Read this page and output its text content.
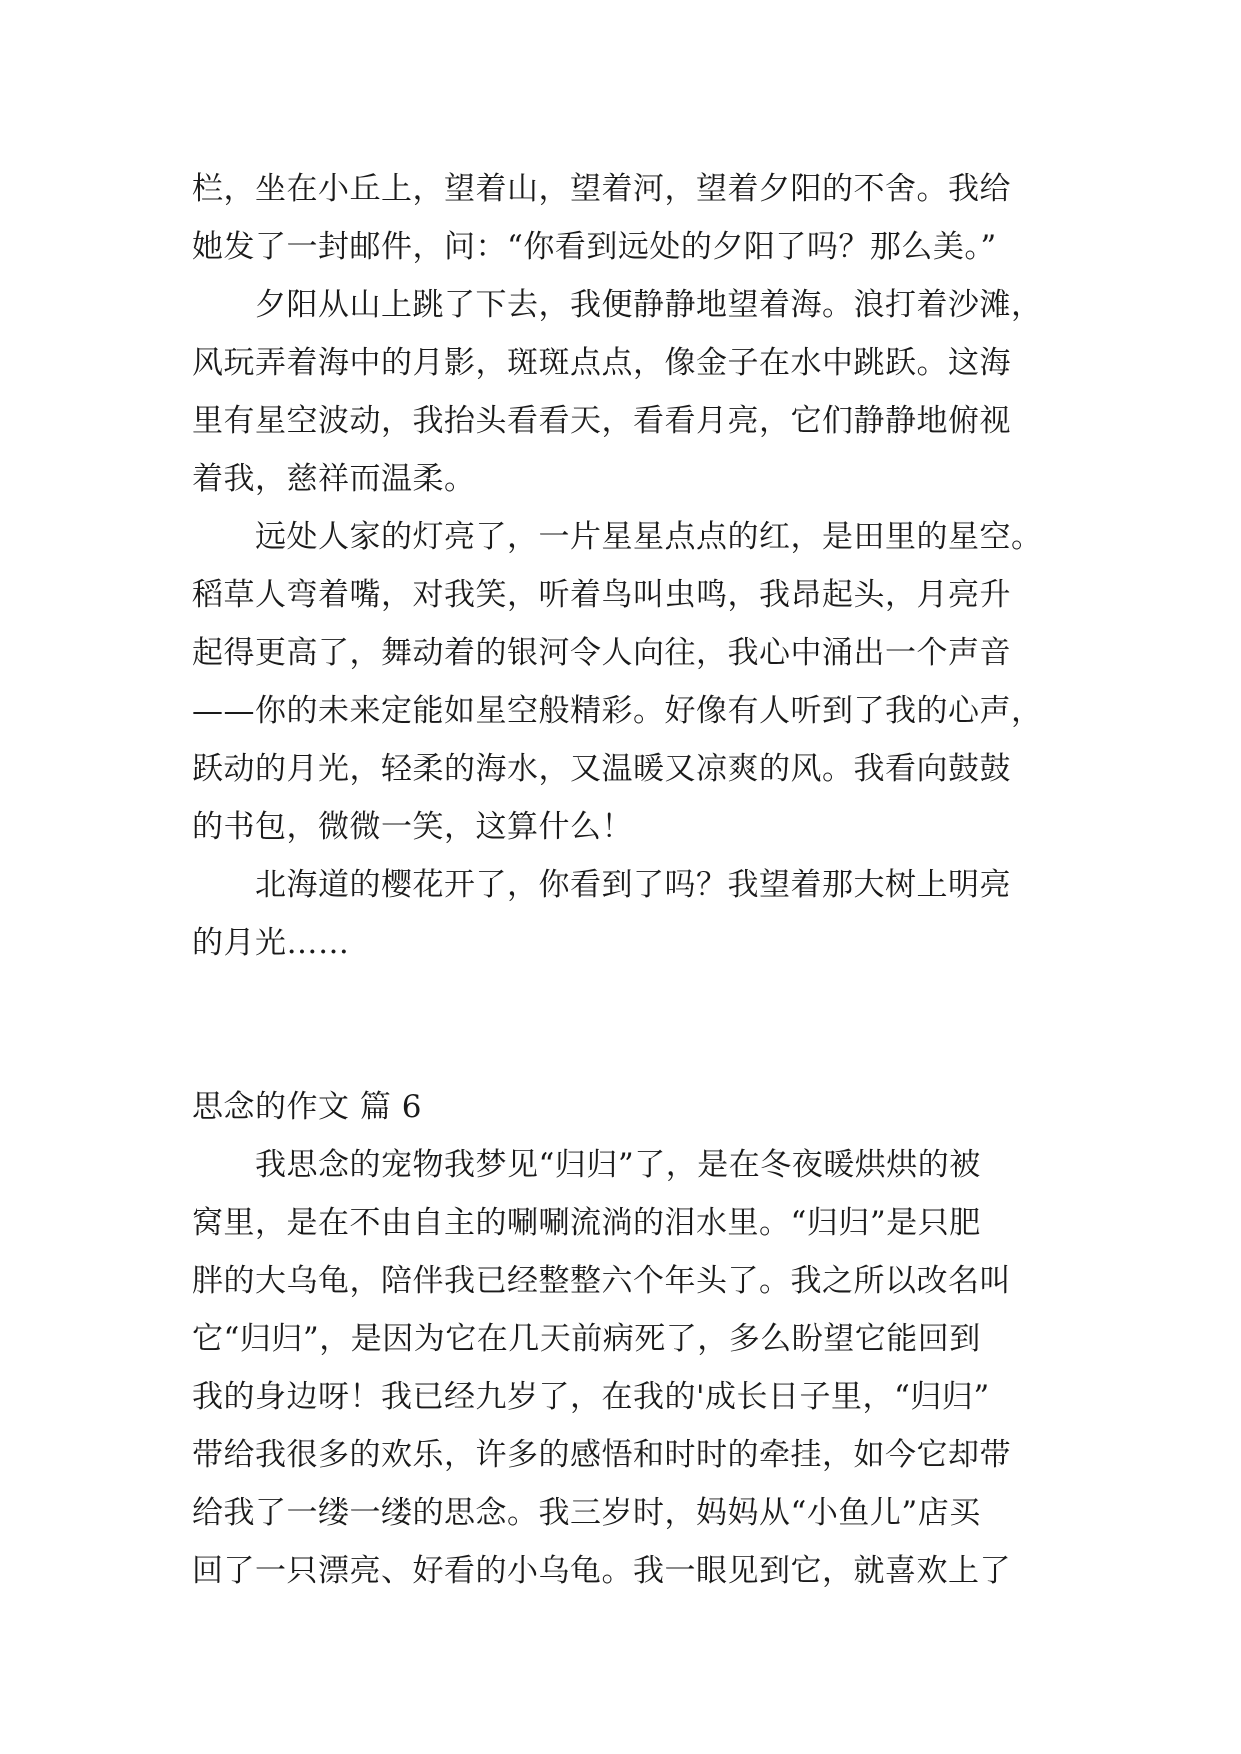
栏，坐在小丘上，望着山，望着河，望着夕阳的不舍。我给
她发了一封邮件，问：“你看到远处的夕阳了吗？那么美。”
　　夕阳从山上跳了下去，我便静静地望着海。浪打着沙滩，
风玩弄着海中的月影，斑斑点点，像金子在水中跳跃。这海
里有星空波动，我抬头看看天，看看月亮，它们静静地俯视
着我，慈祥而温柔。
　　远处人家的灯亮了，一片星星点点的红，是田里的星空。
稻草人弯着嘴，对我笑，听着鸟叫虫鸣，我昂起头，月亮升
起得更高了，舞动着的银河令人向往，我心中涌出一个声音
——你的未来定能如星空般精彩。好像有人听到了我的心声，
跃动的月光，轻柔的海水，又温暖又凉爽的风。我看向鼓鼓
的书包，微微一笑，这算什么！
　　北海道的樱花开了，你看到了吗？我望着那大树上明亮
的月光……
思念的作文 篇 6
　　我思念的宠物我梦见“归归”了，是在冬夜暖烘烘的被
窝里，是在不由自主的唰唰流淌的泪水里。“归归”是只肥
胖的大乌龟，陪伴我已经整整六个年头了。我之所以改名叫
它“归归”，是因为它在几天前病死了，多么盼望它能回到
我的身边呀！我已经九岁了，在我的'成长日子里，“归归”
带给我很多的欢乐，许多的感悟和时时的牵挂，如今它却带
给我了一缕一缕的思念。我三岁时，妈妈从“小鱼儿”店买
回了一只漂亮、好看的小乌龟。我一眼见到它，就喜欢上了
